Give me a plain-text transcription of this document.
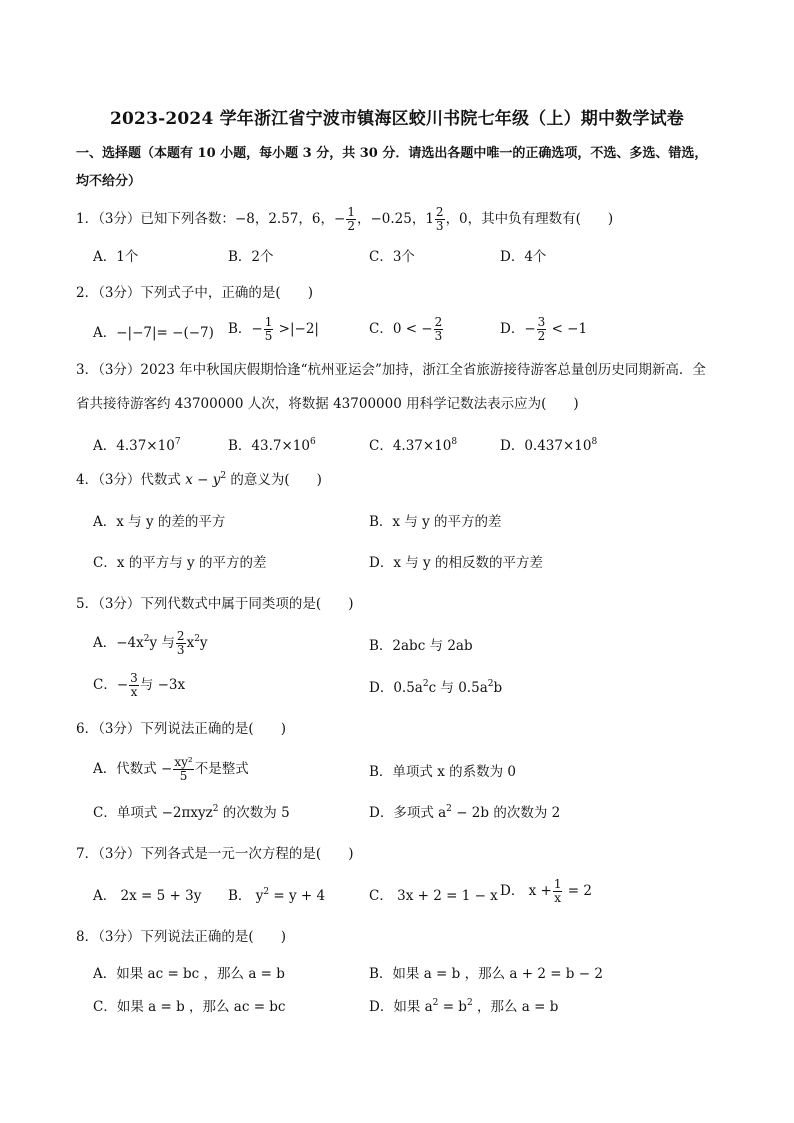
2023-2024 学年浙江省宁波市镇海区蛟川书院七年级（上）期中数学试卷
一、选择题（本题有 10 小题，每小题 3 分，共 30 分．请选出各题中唯一的正确选项，不选、多选、错选，
均不给分）
1．（3分）已知下列各数：−8，2.57，6，− $\frac{1}{2}$ ，−0.25，$1 \frac{2}{3}$ ，0，其中负有理数有(　　)
A．1个	B．2个	C．3个	D．4个
2．（3分）下列式子中，正确的是(　　)
A．−|−7|= −(−7) B．− $\frac{1}{5} >|-2|$	C．0 < − $\frac{2}{3}$	D．− $\frac{3}{2} < -1$
3．（3分）2023 年中秋国庆假期恰逢“杭州亚运会”加持，浙江全省旅游接待游客总量创历史同期新高．全
省共接待游客约 43700000 人次，将数据 43700000 用科学记数法表示应为(　　)
A．$4.37\times 10^7$	B．$43.7\times 10^6$	C．$4.37\times 10^8$	D．$0.437\times 10^8$
4．（3分）代数式 $x - y^2$ 的意义为(　　)
A．x 与 y 的差的平方	B．x 与 y 的平方的差
C．x 的平方与 y 的平方的差	D．x 与 y 的相反数的平方差
5．（3分）下列代数式中属于同类项的是(　　)
A．$-4x^2y$ 与 $\frac{2}{3} x^2y$	B．2abc 与 2ab
C．− $\frac{3}{x}$ 与 −3x	D．$0.5a^2c$ 与 $0.5a^2b$
6．（3分）下列说法正确的是(　　)
A．代数式 − $\frac{\text{xy²}}{5}$ 不是整式	B．单项式 x 的系数为 0
C．单项式 −2πxyz$^2$ 的次数为 5	D．多项式 $a^2 - 2b$ 的次数为 2
7．（3分）下列各式是一元一次方程的是(　　)
A． 2x = 5 + 3y B． $y^2 = y + 4$	C． 3x + 2 = 1 − x D． $x + \frac{1}{x} = 2$
8．（3分）下列说法正确的是(　　)
A．如果 ac = bc ，那么 a = b	B．如果 a = b ，那么 a + 2 = b − 2
C．如果 a = b ，那么 ac = bc	D．如果 $a^2 = b^2$ ，那么 a = b
